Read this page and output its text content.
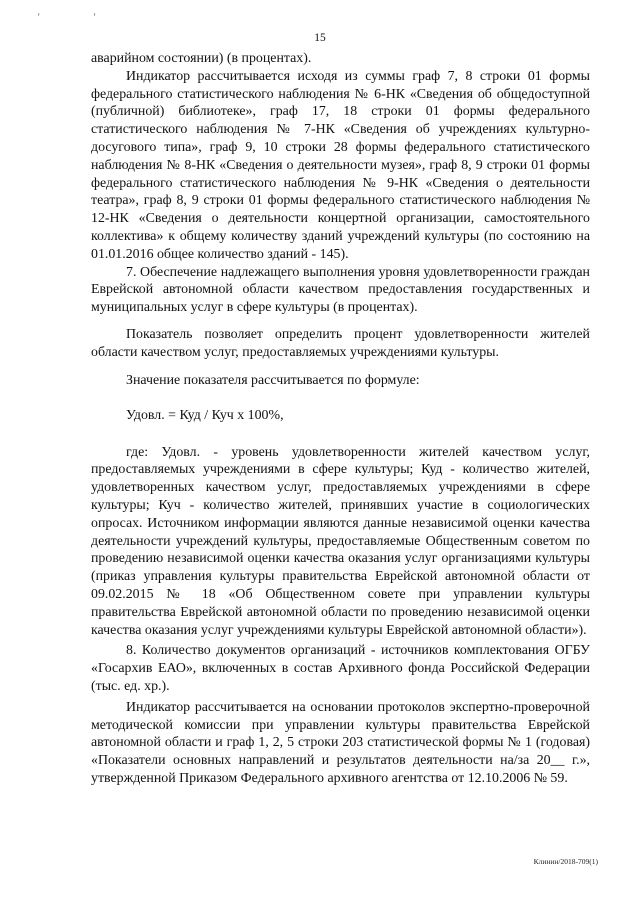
' '
15

аварийном состоянии) (в процентах).

Индикатор рассчитывается исходя из суммы граф 7, 8 строки 01 формы федерального статистического наблюдения № 6-НК «Сведения об общедоступной (публичной) библиотеке», граф 17, 18 строки 01 формы федерального статистического наблюдения № 7-НК «Сведения об учреждениях культурно-досугового типа», граф 9, 10 строки 28 формы федерального статистического наблюдения № 8-НК «Сведения о деятельности музея», граф 8, 9 строки 01 формы федерального статистического наблюдения № 9-НК «Сведения о деятельности театра», граф 8, 9 строки 01 формы федерального статистического наблюдения № 12-НК «Сведения о деятельности концертной организации, самостоятельного коллектива» к общему количеству зданий учреждений культуры (по состоянию на 01.01.2016 общее количество зданий - 145).

7. Обеспечение надлежащего выполнения уровня удовлетворенности граждан Еврейской автономной области качеством предоставления государственных и муниципальных услуг в сфере культуры (в процентах).

Показатель позволяет определить процент удовлетворенности жителей области качеством услуг, предоставляемых учреждениями культуры.

Значение показателя рассчитывается по формуле:

Удовл. = Куд / Куч х 100%,

где: Удовл. - уровень удовлетворенности жителей качеством услуг, предоставляемых учреждениями в сфере культуры; Куд - количество жителей, удовлетворенных качеством услуг, предоставляемых учреждениями в сфере культуры; Куч - количество жителей, принявших участие в социологических опросах. Источником информации являются данные независимой оценки качества деятельности учреждений культуры, предоставляемые Общественным советом по проведению независимой оценки качества оказания услуг организациями культуры (приказ управления культуры правительства Еврейской автономной области от 09.02.2015 № 18 «Об Общественном совете при управлении культуры правительства Еврейской автономной области по проведению независимой оценки качества оказания услуг учреждениями культуры Еврейской автономной области»).

8. Количество документов организаций - источников комплектования ОГБУ «Госархив ЕАО», включенных в состав Архивного фонда Российской Федерации (тыс. ед. хр.).

Индикатор рассчитывается на основании протоколов экспертно-проверочной методической комиссии при управлении культуры правительства Еврейской автономной области и граф 1, 2, 5 строки 203 статистической формы № 1 (годовая) «Показатели основных направлений и результатов деятельности на/за 20__ г.», утвержденной Приказом Федерального архивного агентства от 12.10.2006 № 59.

Клинин/2018-709(1)
